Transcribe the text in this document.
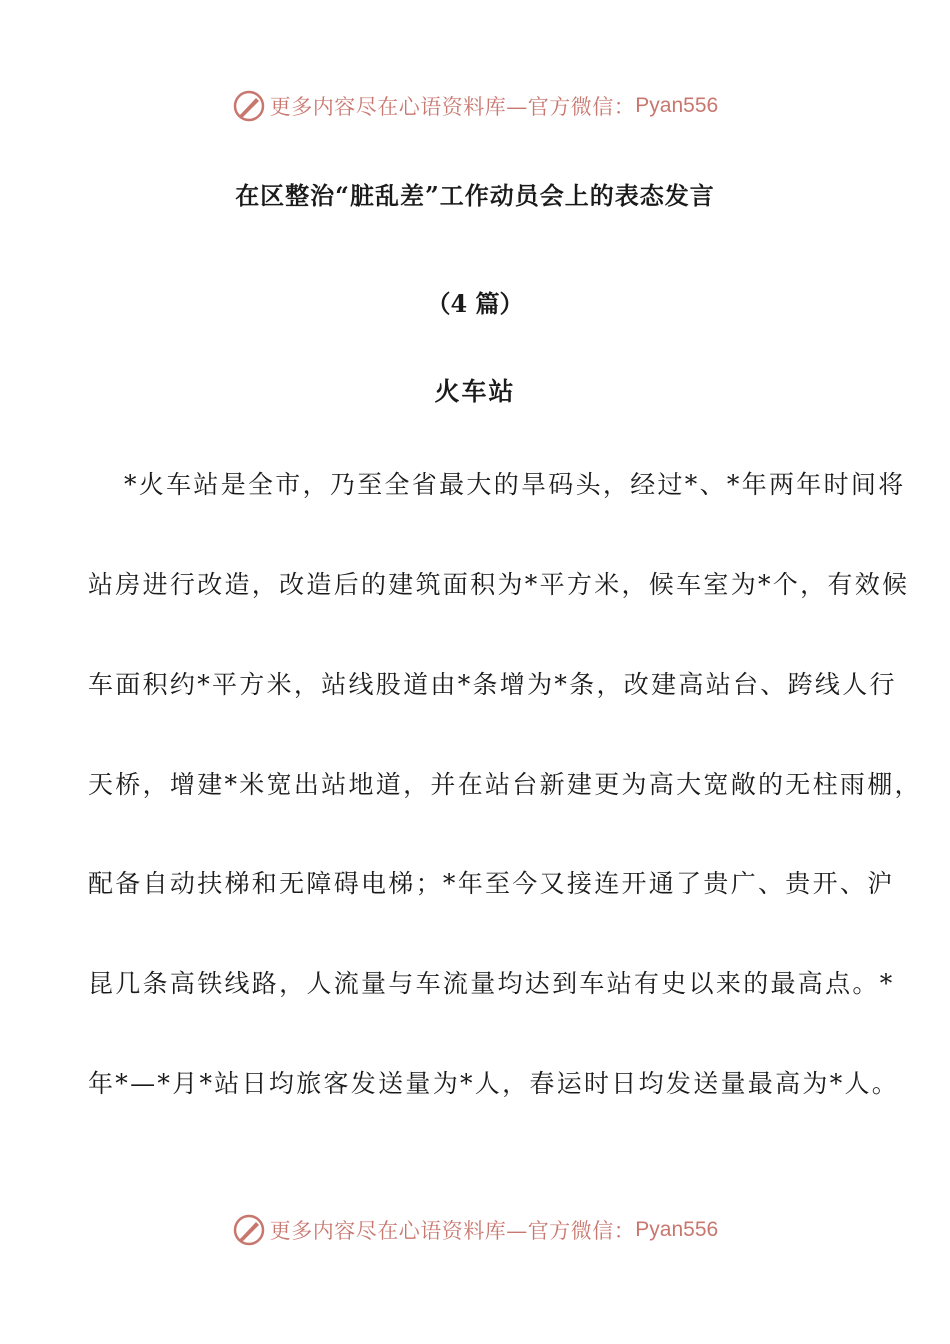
更多内容尽在心语资料库—官方微信： Pyan556
在区整治“脏乱差”工作动员会上的表态发言
（4 篇）
火车站
*火车站是全市，乃至全省最大的旱码头，经过*、*年两年时间将
站房进行改造，改造后的建筑面积为*平方米，候车室为*个，有效候
车面积约*平方米，站线股道由*条增为*条，改建高站台、跨线人行
天桥，增建*米宽出站地道，并在站台新建更为高大宽敞的无柱雨棚，
配备自动扶梯和无障碍电梯；*年至今又接连开通了贵广、贵开、沪
昆几条高铁线路，人流量与车流量均达到车站有史以来的最高点。*
年*—*月*站日均旅客发送量为*人，春运时日均发送量最高为*人。
更多内容尽在心语资料库—官方微信： Pyan556
